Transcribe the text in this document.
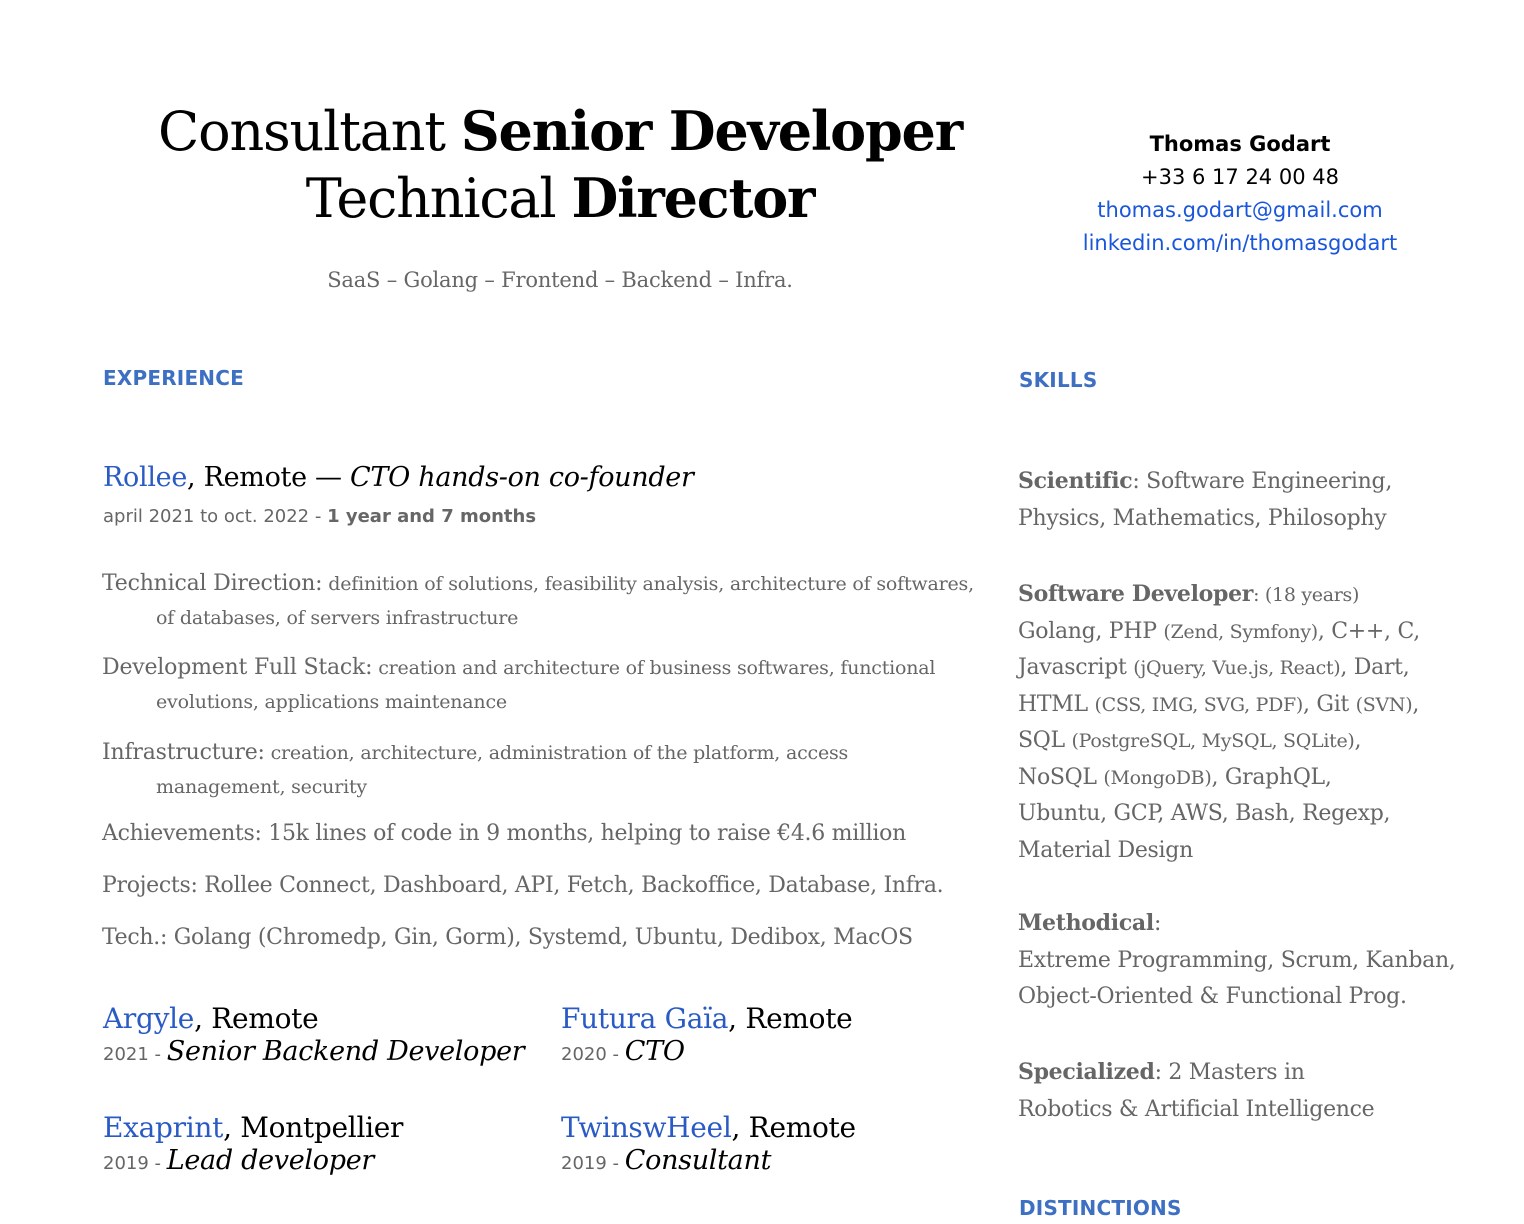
Consultant Senior Developer
Technical Director
SaaS – Golang – Frontend – Backend – Infra.
Thomas Godart
+33 6 17 24 00 48
thomas.godart@gmail.com
linkedin.com/in/thomasgodart
EXPERIENCE
Rollee, Remote — CTO hands-on co-founder
april 2021 to oct. 2022 - 1 year and 7 months
Technical Direction: definition of solutions, feasibility analysis, architecture of softwares, of databases, of servers infrastructure
Development Full Stack: creation and architecture of business softwares, functional evolutions, applications maintenance
Infrastructure: creation, architecture, administration of the platform, access management, security
Achievements: 15k lines of code in 9 months, helping to raise €4.6 million
Projects: Rollee Connect, Dashboard, API, Fetch, Backoffice, Database, Infra.
Tech.: Golang (Chromedp, Gin, Gorm), Systemd, Ubuntu, Dedibox, MacOS
Argyle, Remote
2021 - Senior Backend Developer
Futura Gaïa, Remote
2020 - CTO
Exaprint, Montpellier
2019 - Lead developer
TwinswHeel, Remote
2019 - Consultant
SKILLS
Scientific: Software Engineering, Physics, Mathematics, Philosophy
Software Developer: (18 years)
Golang, PHP (Zend, Symfony), C++, C,
Javascript (jQuery, Vue.js, React), Dart,
HTML (CSS, IMG, SVG, PDF), Git (SVN),
SQL (PostgreSQL, MySQL, SQLite),
NoSQL (MongoDB), GraphQL,
Ubuntu, GCP, AWS, Bash, Regexp,
Material Design
Methodical:
Extreme Programming, Scrum, Kanban,
Object-Oriented & Functional Prog.
Specialized: 2 Masters in
Robotics & Artificial Intelligence
DISTINCTIONS
